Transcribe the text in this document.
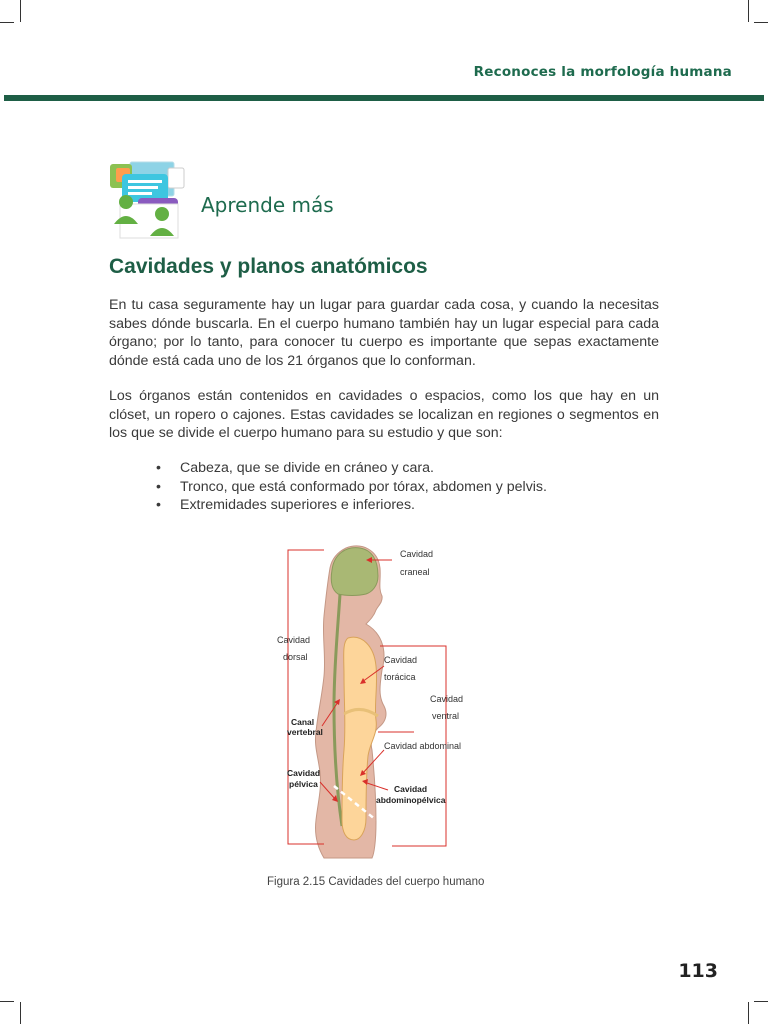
Reconoces la morfología humana
Aprende más
Cavidades y planos anatómicos

En tu casa seguramente hay un lugar para guardar cada cosa, y cuando la necesitas sabes dónde buscarla. En el cuerpo humano también hay un lugar especial para cada órgano; por lo tanto, para conocer tu cuerpo es importante que sepas exactamente dónde está cada uno de los 21 órganos que lo conforman.

Los órganos están contenidos en cavidades o espacios, como los que hay en un clóset, un ropero o cajones. Estas cavidades se localizan en regiones o segmentos en los que se divide el cuerpo humano para su estudio y que son:

• Cabeza, que se divide en cráneo y cara.
• Tronco, que está conformado por tórax, abdomen y pelvis.
• Extremidades superiores e inferiores.
Cavidad
craneal
Cavidad
dorsal	Cavidad
torácica
Cavidad
ventral
Canal
vertebral
Cavidad abdominal
Cavidad
pélvica	Cavidad
abdominopélvica
Figura 2.15 Cavidades del cuerpo humano
113
